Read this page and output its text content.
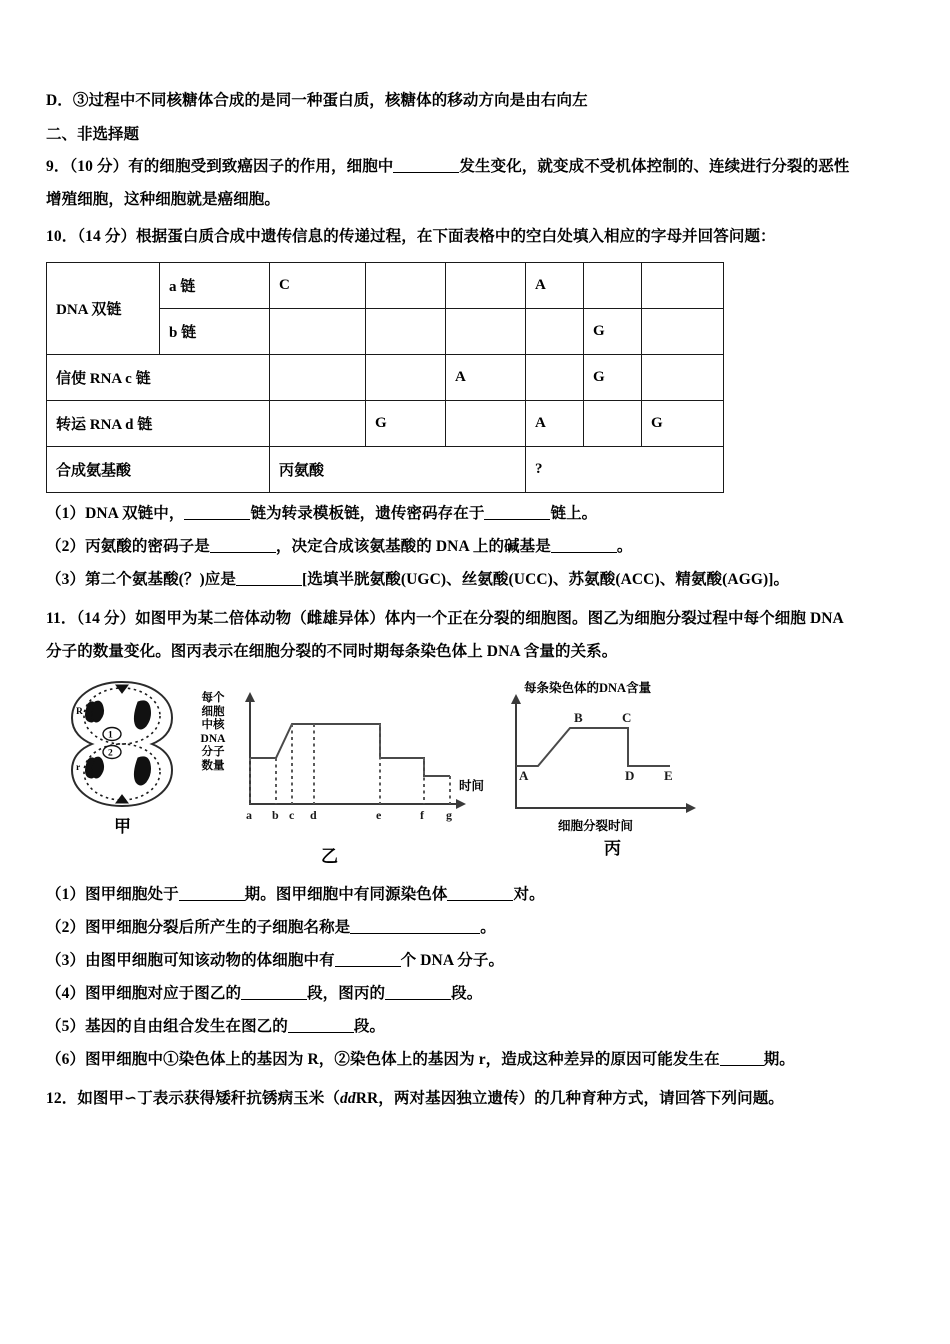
D．③过程中不同核糖体合成的是同一种蛋白质，核糖体的移动方向是由右向左
二、非选择题
9．（10 分）有的细胞受到致癌因子的作用，细胞中	发生变化，就变成不受机体控制的、连续进行分裂的恶性
增殖细胞，这种细胞就是癌细胞。
10．（14 分）根据蛋白质合成中遗传信息的传递过程，在下面表格中的空白处填入相应的字母并回答问题：
DNA 双链	a 链	C			A		
	b 链					G	
信使 RNA c 链				A		G	
转运 RNA d 链			G		A		G
合成氨基酸		丙氨酸			?		
（1）DNA 双链中，	链为转录模板链，遗传密码存在于	链上。
（2）丙氨酸的密码子是	，决定合成该氨基酸的 DNA 上的碱基是	。
（3）第二个氨基酸(？)应是	[选填半胱氨酸(UGC)、丝氨酸(UCC)、苏氨酸(ACC)、精氨酸(AGG)]。
11．（14 分）如图甲为某二倍体动物（雌雄异体）体内一个正在分裂的细胞图。图乙为细胞分裂过程中每个细胞 DNA
分子的数量变化。图丙表示在细胞分裂的不同时期每条染色体上 DNA 含量的关系。
R
r
1
2
甲
每个
细胞
中核
DNA
分子
数量
a b c d	e	f g
时间
乙
每条染色体的DNA含量
A
B	C
D E
细胞分裂时间
丙
（1）图甲细胞处于	期。图甲细胞中有同源染色体	对。
（2）图甲细胞分裂后所产生的子细胞名称是	。
（3）由图甲细胞可知该动物的体细胞中有	个 DNA 分子。
（4）图甲细胞对应于图乙的	段，图丙的	段。
（5）基因的自由组合发生在图乙的	段。
（6）图甲细胞中①染色体上的基因为 R，②染色体上的基因为 r，造成这种差异的原因可能发生在	期。
12．如图甲∽丁表示获得矮秆抗锈病玉米（ddRR，两对基因独立遗传）的几种育种方式，请回答下列问题。
